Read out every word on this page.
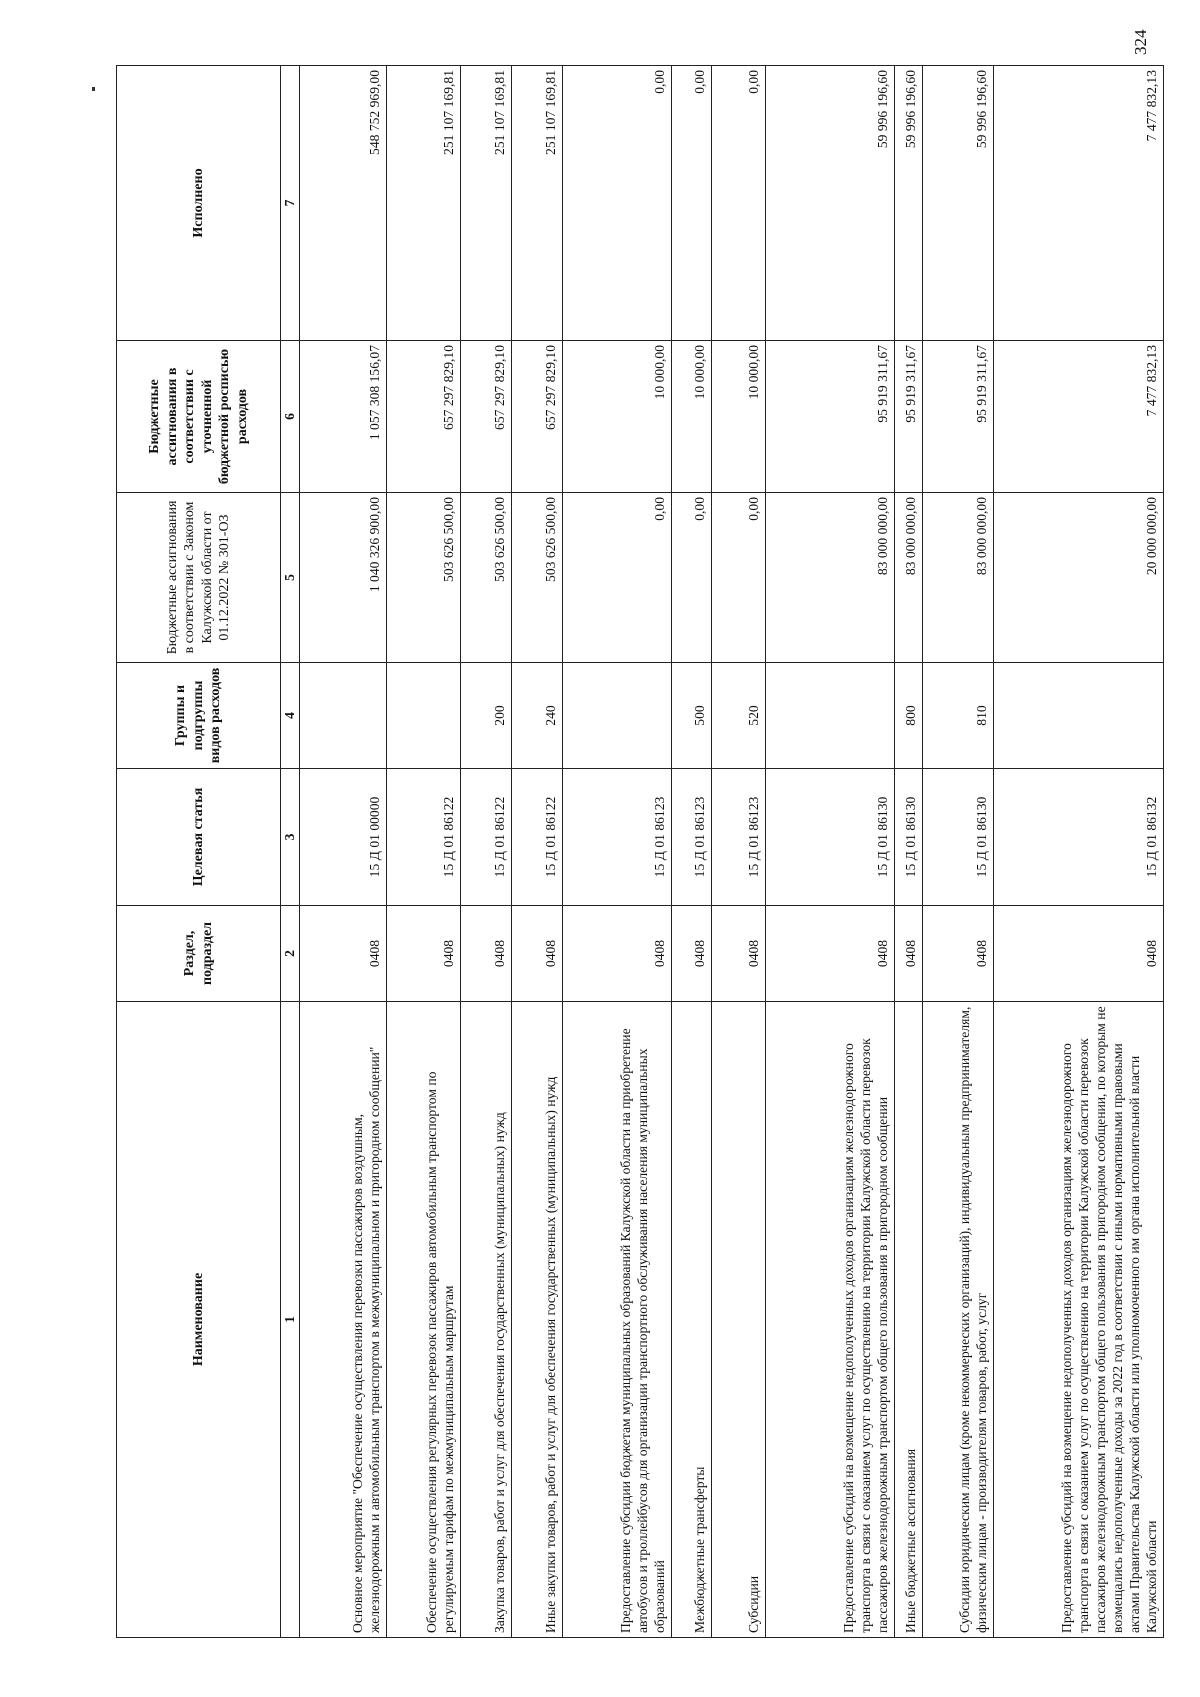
324
Наименование	Раздел, подраздел	Целевая статья	Группы и подгруппы видов расходов	Бюджетные ассигнования в соответствии с Законом Калужской области от 01.12.2022 № 301-ОЗ	Бюджетные ассигнования в соответствии с уточненной бюджетной росписью расходов	Исполнено
1	2	3	4	5	6	7
Основное мероприятие "Обеспечение осуществления перевозки пассажиров воздушным, железнодорожным и автомобильным транспортом в межмуниципальном и пригородном сообщении"	0408	15 Д 01 00000		1 040 326 900,00	1 057 308 156,07	548 752 969,00
Обеспечение осуществления регулярных перевозок пассажиров автомобильным транспортом по регулируемым тарифам по межмуниципальным маршрутам	0408	15 Д 01 86122		503 626 500,00	657 297 829,10	251 107 169,81
Закупка товаров, работ и услуг для обеспечения государственных (муниципальных) нужд	0408	15 Д 01 86122	200	503 626 500,00	657 297 829,10	251 107 169,81
Иные закупки товаров, работ и услуг для обеспечения государственных (муниципальных) нужд	0408	15 Д 01 86122	240	503 626 500,00	657 297 829,10	251 107 169,81
Предоставление субсидии бюджетам муниципальных образований Калужской области на приобретение автобусов и троллейбусов для организации транспортного обслуживания населения муниципальных образований	0408	15 Д 01 86123		0,00	10 000,00	0,00
Межбюджетные трансферты	0408	15 Д 01 86123	500	0,00	10 000,00	0,00
Субсидии	0408	15 Д 01 86123	520	0,00	10 000,00	0,00
Предоставление субсидий на возмещение недополученных доходов организациям железнодорожного транспорта в связи с оказанием услуг по осуществлению на территории Калужской области перевозок пассажиров железнодорожным транспортом общего пользования в пригородном сообщении	0408	15 Д 01 86130		83 000 000,00	95 919 311,67	59 996 196,60
Иные бюджетные ассигнования	0408	15 Д 01 86130	800	83 000 000,00	95 919 311,67	59 996 196,60
Субсидии юридическим лицам (кроме некоммерческих организаций), индивидуальным предпринимателям, физическим лицам - производителям товаров, работ, услуг	0408	15 Д 01 86130	810	83 000 000,00	95 919 311,67	59 996 196,60
Предоставление субсидий на возмещение недополученных доходов организациям железнодорожного транспорта в связи с оказанием услуг по осуществлению на территории Калужской области перевозок пассажиров железнодорожным транспортом общего пользования в пригородном сообщении, по которым не возмещались недополученные доходы за 2022 год в соответствии с иными нормативными правовыми актами Правительства Калужской области или уполномоченного им органа исполнительной власти Калужской области	0408	15 Д 01 86132		20 000 000,00	7 477 832,13	7 477 832,13
